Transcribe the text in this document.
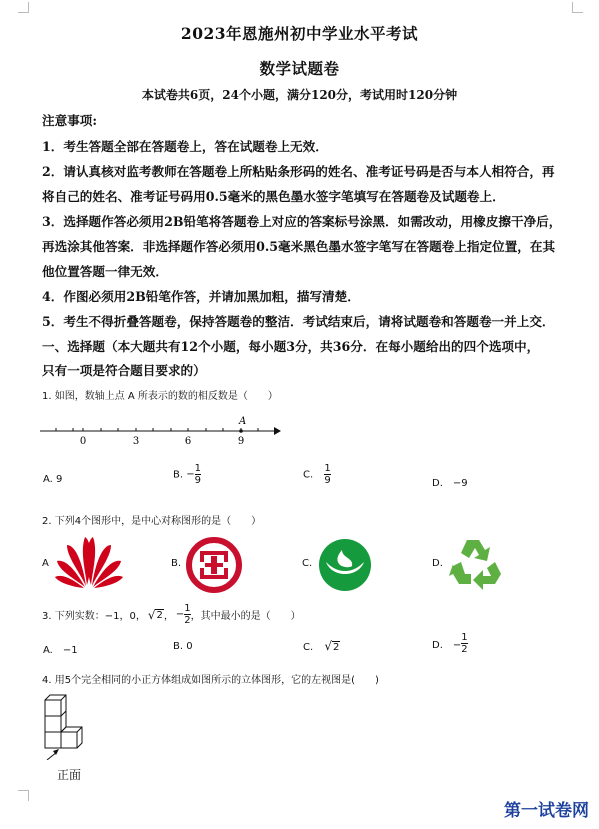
2023年恩施州初中学业水平考试
数学试题卷
本试卷共6页，24个小题，满分120分，考试用时120分钟
注意事项:
1．考生答题全部在答题卷上，答在试题卷上无效．
2．请认真核对监考教师在答题卷上所粘贴条形码的姓名、准考证号码是否与本人相符合，再
将自己的姓名、准考证号码用0.5毫米的黑色墨水签字笔填写在答题卷及试题卷上．
3．选择题作答必须用2B铅笔将答题卷上对应的答案标号涂黑．如需改动，用橡皮擦干净后，
再选涂其他答案．非选择题作答必须用0.5毫米黑色墨水签字笔写在答题卷上指定位置，在其
他位置答题一律无效．
4．作图必须用2B铅笔作答，并请加黑加粗，描写清楚．
5．考生不得折叠答题卷，保持答题卷的整洁．考试结束后，请将试题卷和答题卷一并上交．
一、选择题（本大题共有12个小题，每小题3分，共36分．在每小题给出的四个选项中，
只有一项是符合题目要求的）
1. 如图，数轴上点 A 所表示的数的相反数是（　　）
A
0	3	6	9
A. 9	B. − $\frac{1}{9}$	C. $\frac{1}{9}$	D.　−9
2. 下列4个图形中，是中心对称图形的是（　　）
A	B.	C.	D.
3. 下列实数：−1，0， √ 2 ， − $\frac{1}{2}$ ，其中最小的是（　　）
A.　−1	B. 0	C. √2	D.　− $\frac{1}{2}$
4. 用5个完全相同的小正方体组成如图所示的立体图形，它的左视图是(　　)
正面
第一试卷网
